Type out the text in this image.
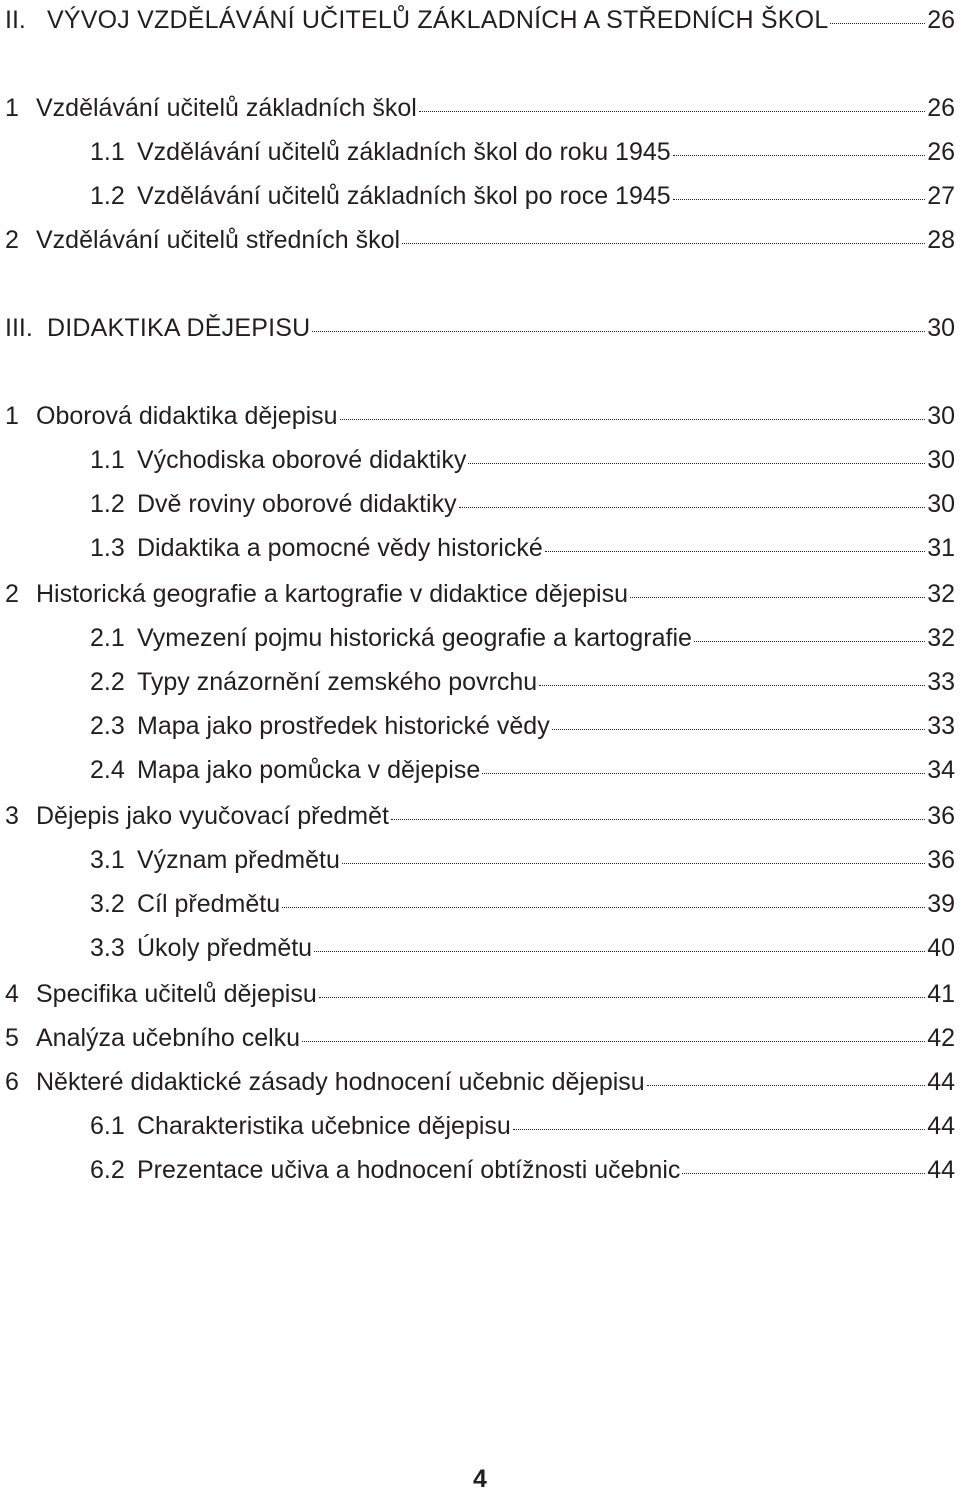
II. VÝVOJ VZDĚLÁVÁNÍ UČITELŮ ZÁKLADNÍCH A STŘEDNÍCH ŠKOL	26
1 Vzdělávání učitelů základních škol	26
1.1 Vzdělávání učitelů základních škol do roku 1945	26
1.2 Vzdělávání učitelů základních škol po roce 1945	27
2 Vzdělávání učitelů středních škol	28
III. DIDAKTIKA DĚJEPISU	30
1 Oborová didaktika dějepisu	30
1.1 Východiska oborové didaktiky	30
1.2 Dvě roviny oborové didaktiky	30
1.3 Didaktika a pomocné vědy historické	31
2 Historická geografie a kartografie v didaktice dějepisu	32
2.1 Vymezení pojmu historická geografie a kartografie	32
2.2 Typy znázornění zemského povrchu	33
2.3 Mapa jako prostředek historické vědy	33
2.4 Mapa jako pomůcka v dějepise	34
3 Dějepis jako vyučovací předmět	36
3.1 Význam předmětu	36
3.2 Cíl předmětu	39
3.3 Úkoly předmětu	40
4 Specifika učitelů dějepisu	41
5 Analýza učebního celku	42
6 Některé didaktické zásady hodnocení učebnic dějepisu	44
6.1 Charakteristika učebnice dějepisu	44
6.2 Prezentace učiva a hodnocení obtížnosti učebnic	44
4
